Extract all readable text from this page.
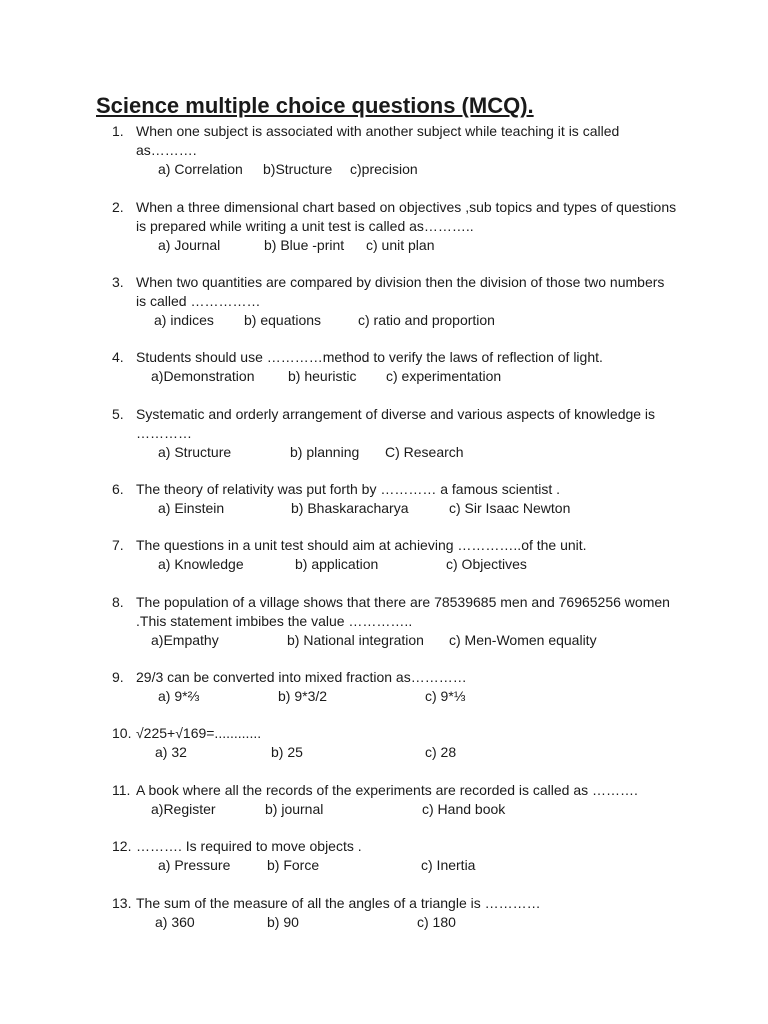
Science multiple choice questions (MCQ).
1. When one subject is associated with another subject while teaching it is called as……….
a) Correlation b)Structure c)precision
2. When a three dimensional chart based on objectives ,sub topics and types of questions is prepared while writing a unit test is called as………..
a) Journal	b) Blue -print c) unit plan
3. When two quantities are compared by division then the division of those two numbers is called ……………
a) indices b) equations	c) ratio and proportion
4. Students should use …………method to verify the laws of reflection of light.
a)Demonstration b) heuristic c) experimentation
5. Systematic and orderly arrangement of diverse and various aspects of knowledge is …………
a) Structure	b) planning C) Research
6. The theory of relativity was put forth by ………… a famous scientist .
a) Einstein	b) Bhaskaracharya	c) Sir Isaac Newton
7. The questions in a unit test should aim at achieving …………..of the unit.
a) Knowledge	b) application	c) Objectives
8. The population of a village shows that there are 78539685 men and 76965256 women .This statement imbibes the value …………..
a)Empathy	b) National integration c) Men-Women equality
9. 29/3 can be converted into mixed fraction as…………
a) 9*⅔	b) 9*3/2	c) 9*⅓
10. √225+√169=............
a) 32	b) 25	c) 28
11. A book where all the records of the experiments are recorded is called as ……….
a)Register	b) journal	c) Hand book
12. ………. Is required to move objects .
a) Pressure	b) Force	c) Inertia
13. The sum of the measure of all the angles of a triangle is …………
a) 360	b) 90	c) 180
